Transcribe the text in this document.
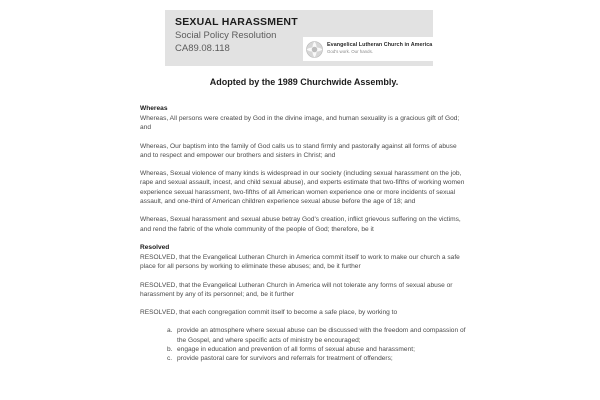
SEXUAL HARASSMENT
Social Policy Resolution
CA89.08.118	Evangelical Lutheran Church in America
God's work. Our hands.

Adopted by the 1989 Churchwide Assembly.

Whereas

Whereas, All persons were created by God in the divine image, and human sexuality is a gracious gift of God; and

Whereas, Our baptism into the family of God calls us to stand firmly and pastorally against all forms of abuse and to respect and empower our brothers and sisters in Christ; and

Whereas, Sexual violence of many kinds is widespread in our society (including sexual harassment on the job, rape and sexual assault, incest, and child sexual abuse), and experts estimate that two-fifths of working women experience sexual harassment, two-fifths of all American women experience one or more incidents of sexual assault, and one-third of American children experience sexual abuse before the age of 18; and

Whereas, Sexual harassment and sexual abuse betray God's creation, inflict grievous suffering on the victims, and rend the fabric of the whole community of the people of God; therefore, be it

Resolved

RESOLVED, that the Evangelical Lutheran Church in America commit itself to work to make our church a safe place for all persons by working to eliminate these abuses; and, be it further

RESOLVED, that the Evangelical Lutheran Church in America will not tolerate any forms of sexual abuse or harassment by any of its personnel; and, be it further

RESOLVED, that each congregation commit itself to become a safe place, by working to

a. provide an atmosphere where sexual abuse can be discussed with the freedom and compassion of the Gospel, and where specific acts of ministry be encouraged;
b. engage in education and prevention of all forms of sexual abuse and harassment;
c. provide pastoral care for survivors and referrals for treatment of offenders;
